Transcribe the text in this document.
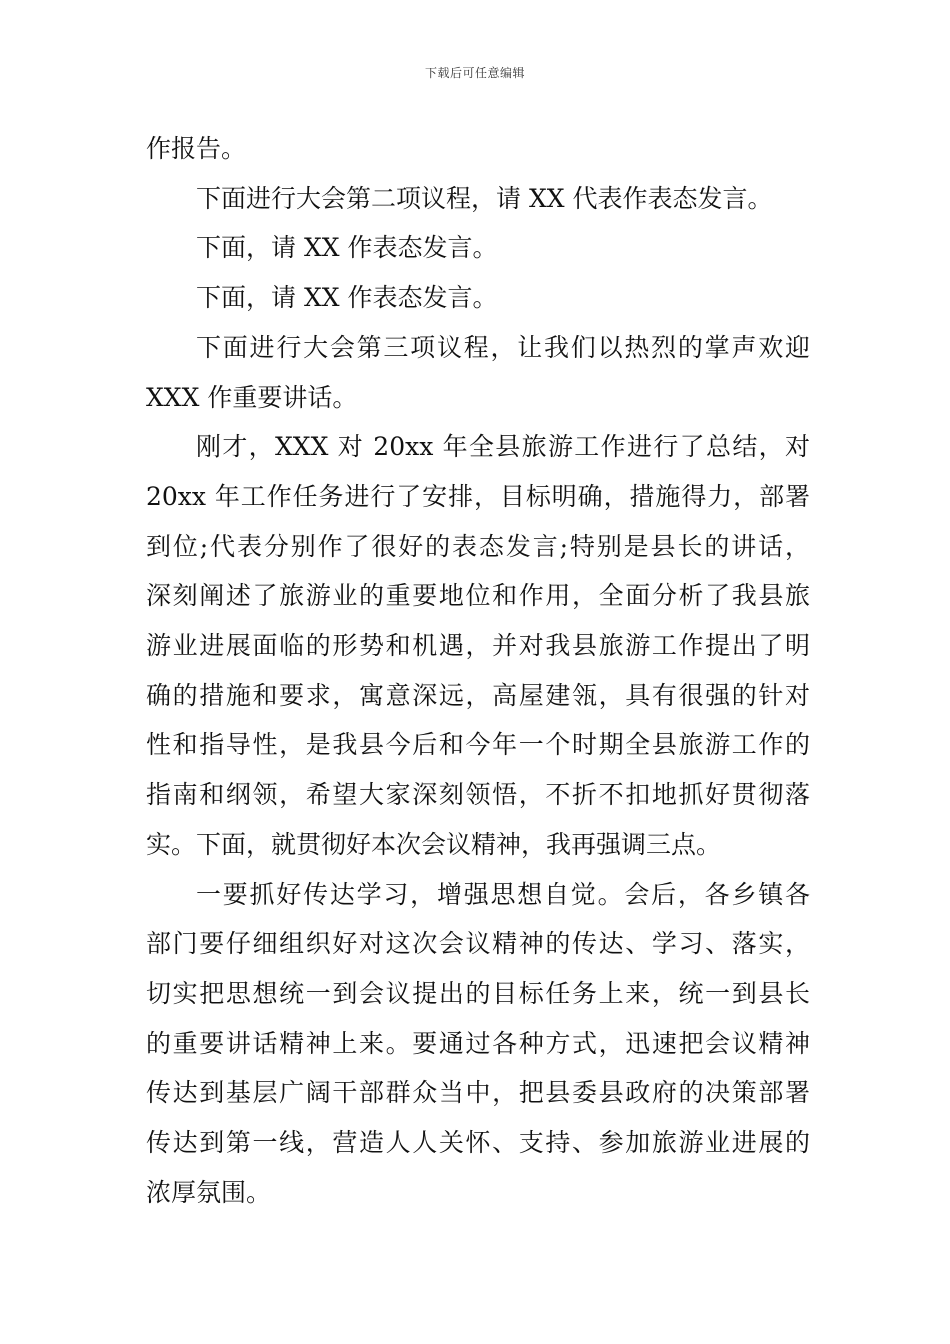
下载后可任意编辑
作报告。
下面进行大会第二项议程，请 XX 代表作表态发言。
下面，请 XX 作表态发言。
下面，请 XX 作表态发言。
下面进行大会第三项议程，让我们以热烈的掌声欢迎
XXX 作重要讲话。
刚才，XXX 对 20xx 年全县旅游工作进行了总结，对
20xx 年工作任务进行了安排，目标明确，措施得力，部署
到位;代表分别作了很好的表态发言;特别是县长的讲话，
深刻阐述了旅游业的重要地位和作用，全面分析了我县旅
游业进展面临的形势和机遇，并对我县旅游工作提出了明
确的措施和要求，寓意深远，高屋建瓴，具有很强的针对
性和指导性，是我县今后和今年一个时期全县旅游工作的
指南和纲领，希望大家深刻领悟，不折不扣地抓好贯彻落
实。下面，就贯彻好本次会议精神，我再强调三点。
一要抓好传达学习，增强思想自觉。会后，各乡镇各
部门要仔细组织好对这次会议精神的传达、学习、落实，
切实把思想统一到会议提出的目标任务上来，统一到县长
的重要讲话精神上来。要通过各种方式，迅速把会议精神
传达到基层广阔干部群众当中，把县委县政府的决策部署
传达到第一线，营造人人关怀、支持、参加旅游业进展的
浓厚氛围。
